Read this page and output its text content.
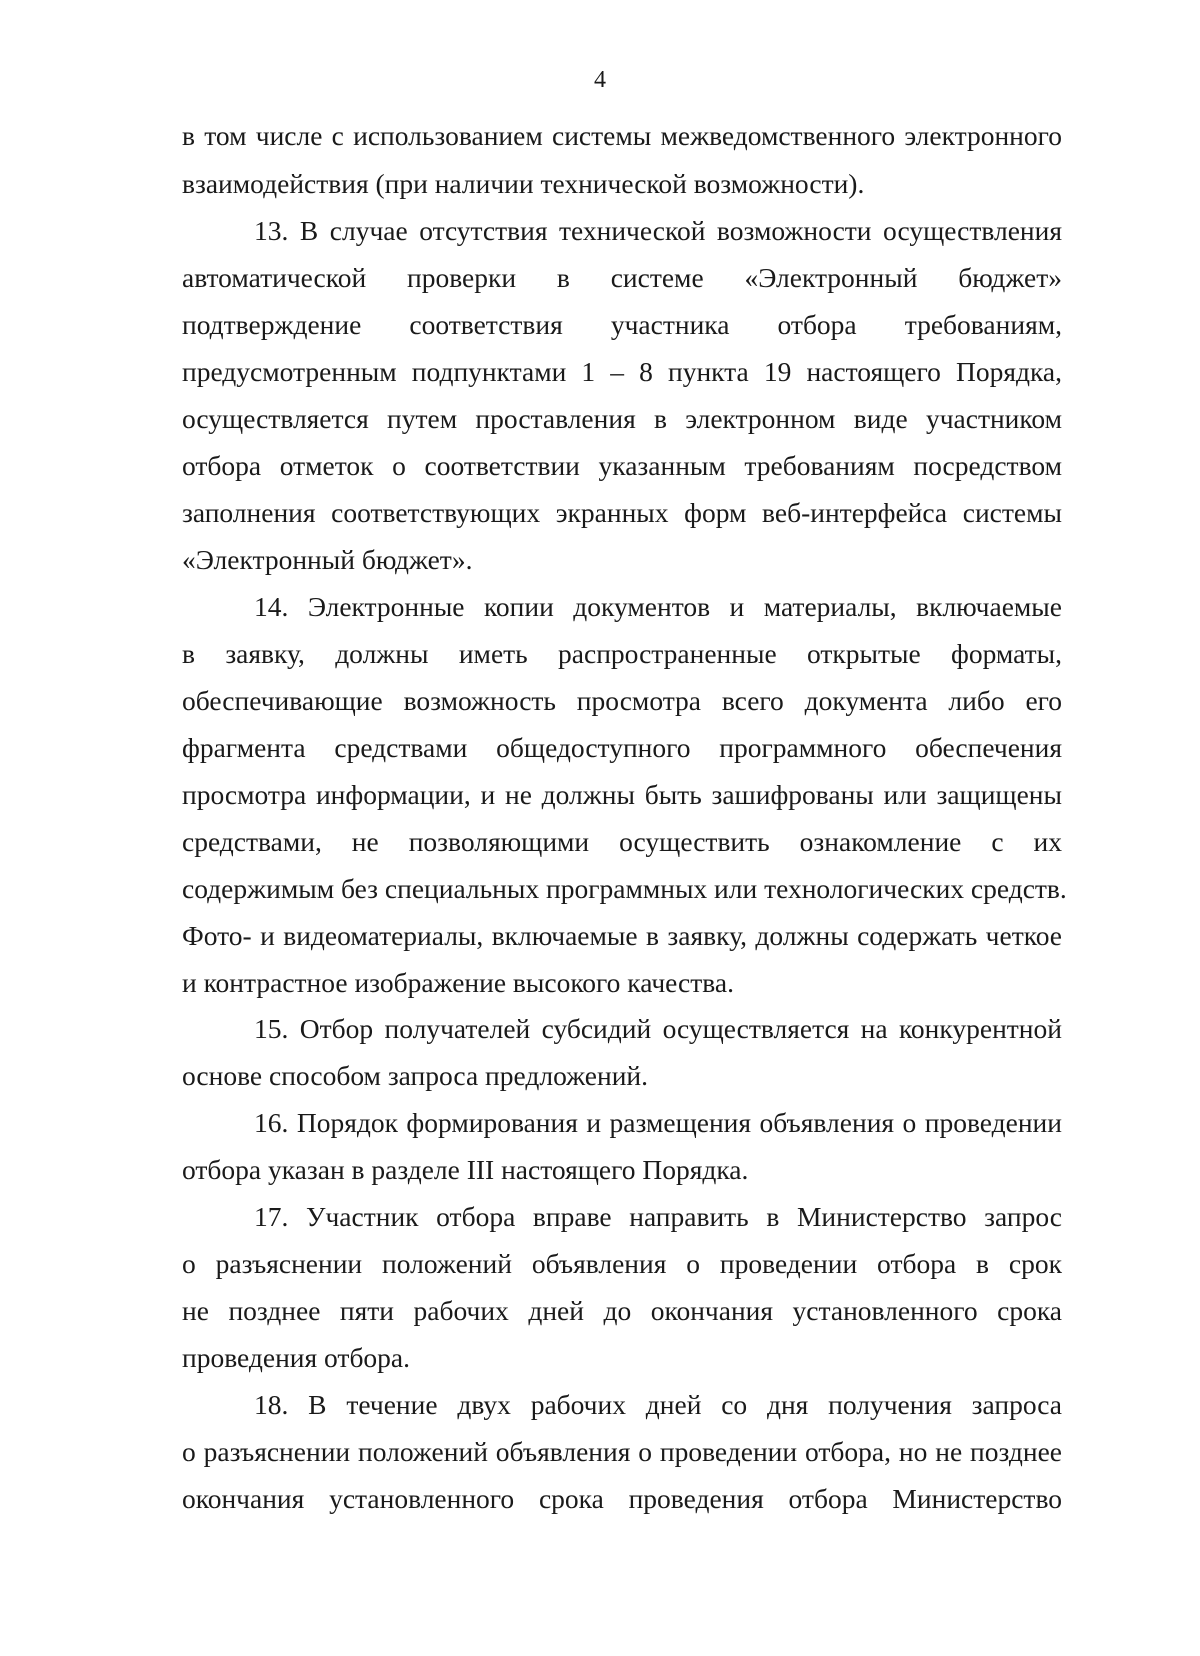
4
в том числе с использованием системы межведомственного электронного
взаимодействия (при наличии технической возможности).
13. В случае отсутствия технической возможности осуществления
автоматической проверки в системе «Электронный бюджет»
подтверждение соответствия участника отбора требованиям,
предусмотренным подпунктами 1 – 8 пункта 19 настоящего Порядка,
осуществляется путем проставления в электронном виде участником
отбора отметок о соответствии указанным требованиям посредством
заполнения соответствующих экранных форм веб-интерфейса системы
«Электронный бюджет».
14. Электронные копии документов и материалы, включаемые
в заявку, должны иметь распространенные открытые форматы,
обеспечивающие возможность просмотра всего документа либо его
фрагмента средствами общедоступного программного обеспечения
просмотра информации, и не должны быть зашифрованы или защищены
средствами, не позволяющими осуществить ознакомление с их
содержимым без специальных программных или технологических средств.
Фото- и видеоматериалы, включаемые в заявку, должны содержать четкое
и контрастное изображение высокого качества.
15. Отбор получателей субсидий осуществляется на конкурентной
основе способом запроса предложений.
16. Порядок формирования и размещения объявления о проведении
отбора указан в разделе III настоящего Порядка.
17. Участник отбора вправе направить в Министерство запрос
о разъяснении положений объявления о проведении отбора в срок
не позднее пяти рабочих дней до окончания установленного срока
проведения отбора.
18. В течение двух рабочих дней со дня получения запроса
о разъяснении положений объявления о проведении отбора, но не позднее
окончания установленного срока проведения отбора Министерство
